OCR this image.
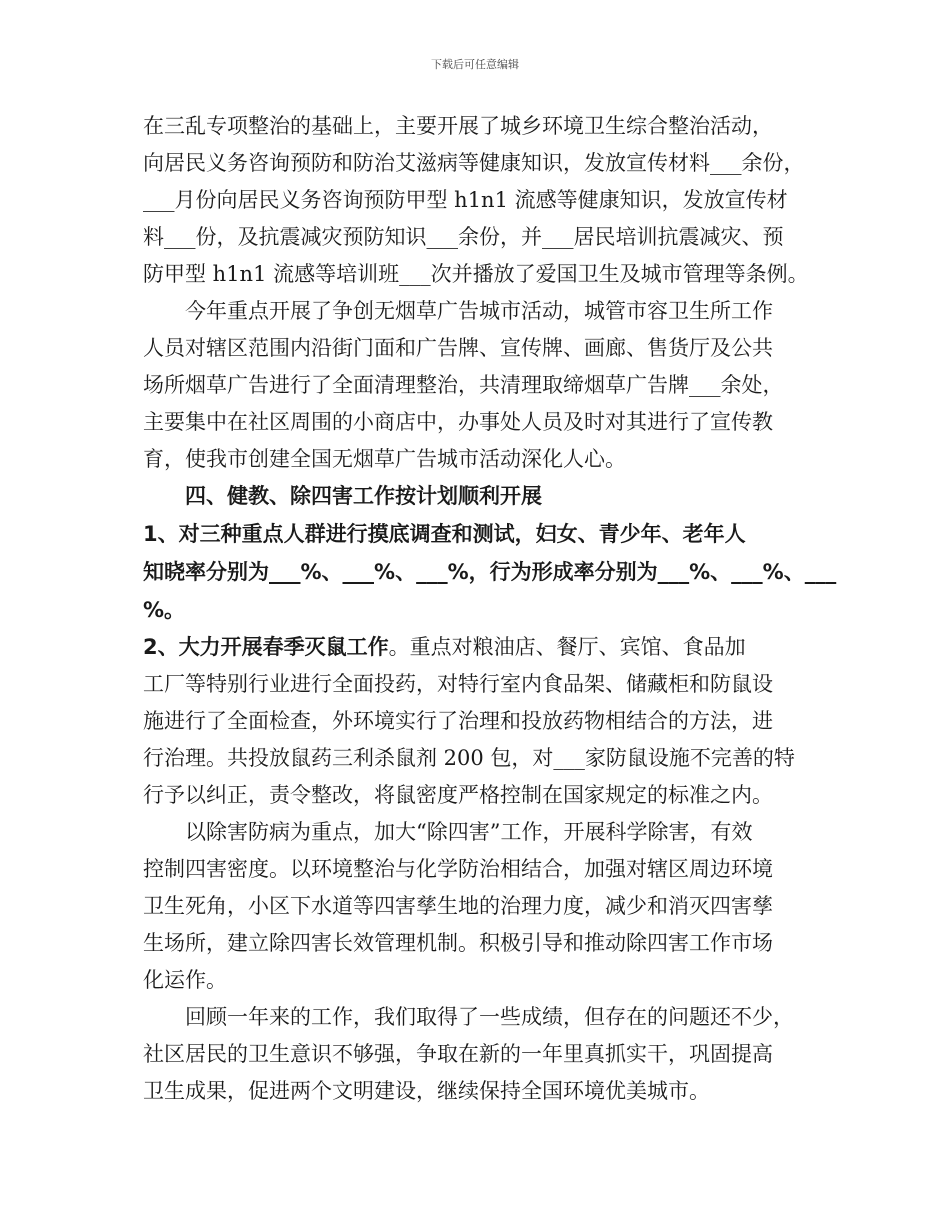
下载后可任意编辑
在三乱专项整治的基础上，主要开展了城乡环境卫生综合整治活动，
向居民义务咨询预防和防治艾滋病等健康知识，发放宣传材料___余份，
___月份向居民义务咨询预防甲型 h1n1 流感等健康知识，发放宣传材
料___份，及抗震减灾预防知识___余份，并___居民培训抗震减灾、预
防甲型 h1n1 流感等培训班___次并播放了爱国卫生及城市管理等条例。
今年重点开展了争创无烟草广告城市活动，城管市容卫生所工作
人员对辖区范围内沿街门面和广告牌、宣传牌、画廊、售货厅及公共
场所烟草广告进行了全面清理整治，共清理取缔烟草广告牌___余处，
主要集中在社区周围的小商店中，办事处人员及时对其进行了宣传教
育，使我市创建全国无烟草广告城市活动深化人心。
四、健教、除四害工作按计划顺利开展
1、对三种重点人群进行摸底调查和测试，妇女、青少年、老年人
知晓率分别为___%、___%、___%，行为形成率分别为___%、___%、___
%。
2、大力开展春季灭鼠工作。重点对粮油店、餐厅、宾馆、食品加
工厂等特别行业进行全面投药，对特行室内食品架、储藏柜和防鼠设
施进行了全面检查，外环境实行了治理和投放药物相结合的方法，进
行治理。共投放鼠药三利杀鼠剂 200 包，对___家防鼠设施不完善的特
行予以纠正，责令整改，将鼠密度严格控制在国家规定的标准之内。
以除害防病为重点，加大“除四害”工作，开展科学除害，有效
控制四害密度。以环境整治与化学防治相结合，加强对辖区周边环境
卫生死角，小区下水道等四害孳生地的治理力度，减少和消灭四害孳
生场所，建立除四害长效管理机制。积极引导和推动除四害工作市场
化运作。
回顾一年来的工作，我们取得了一些成绩，但存在的问题还不少，
社区居民的卫生意识不够强，争取在新的一年里真抓实干，巩固提高
卫生成果，促进两个文明建设，继续保持全国环境优美城市。
